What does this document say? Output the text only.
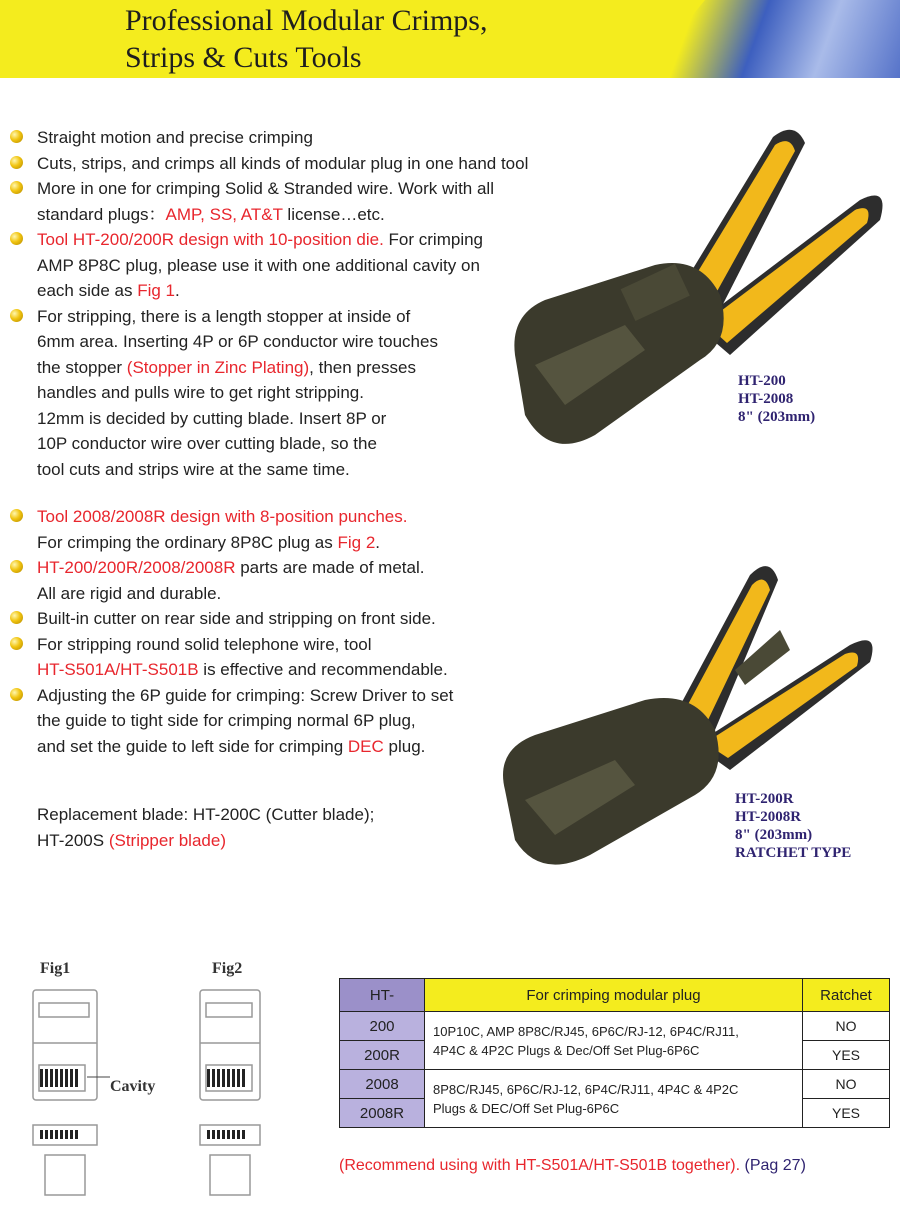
Professional Modular Crimps,
Strips & Cuts Tools
Straight motion and precise crimping
Cuts, strips, and crimps all kinds of modular plug in one hand tool
More in one for crimping Solid & Stranded wire. Work with all
standard plugs：AMP, SS, AT&T license…etc.
Tool HT-200/200R design with 10-position die. For crimping
AMP 8P8C plug, please use it with one additional cavity on
each side as Fig 1.
For stripping, there is a length stopper at inside of
6mm area. Inserting 4P or 6P conductor wire touches
the stopper (Stopper in Zinc Plating), then presses
handles and pulls wire to get right stripping.
12mm is decided by cutting blade. Insert 8P or
10P conductor wire over cutting blade, so the
tool cuts and strips wire at the same time.
Tool 2008/2008R design with 8-position punches.
For crimping the ordinary 8P8C plug as Fig 2.
HT-200/200R/2008/2008R parts are made of metal.
All are rigid and durable.
Built-in cutter on rear side and stripping on front side.
For stripping round solid telephone wire, tool
HT-S501A/HT-S501B is effective and recommendable.
Adjusting the 6P guide for crimping: Screw Driver to set
the guide to tight side for crimping normal 6P plug,
and set the guide to left side for crimping DEC plug.
Replacement blade: HT-200C (Cutter blade);
HT-200S (Stripper blade)
HT-200
HT-2008
8" (203mm)
HT-200R
HT-2008R
8" (203mm)
RATCHET TYPE
Fig1	Fig2
Cavity
HT-	For crimping modular plug	Ratchet
200	10P10C, AMP 8P8C/RJ45, 6P6C/RJ-12, 6P4C/RJ11,
4P4C & 4P2C Plugs & Dec/Off Set Plug-6P6C	NO
200R		YES
2008	8P8C/RJ45, 6P6C/RJ-12, 6P4C/RJ11, 4P4C & 4P2C
Plugs & DEC/Off Set Plug-6P6C	NO
2008R		YES
(Recommend using with HT-S501A/HT-S501B together). (Pag 27)
